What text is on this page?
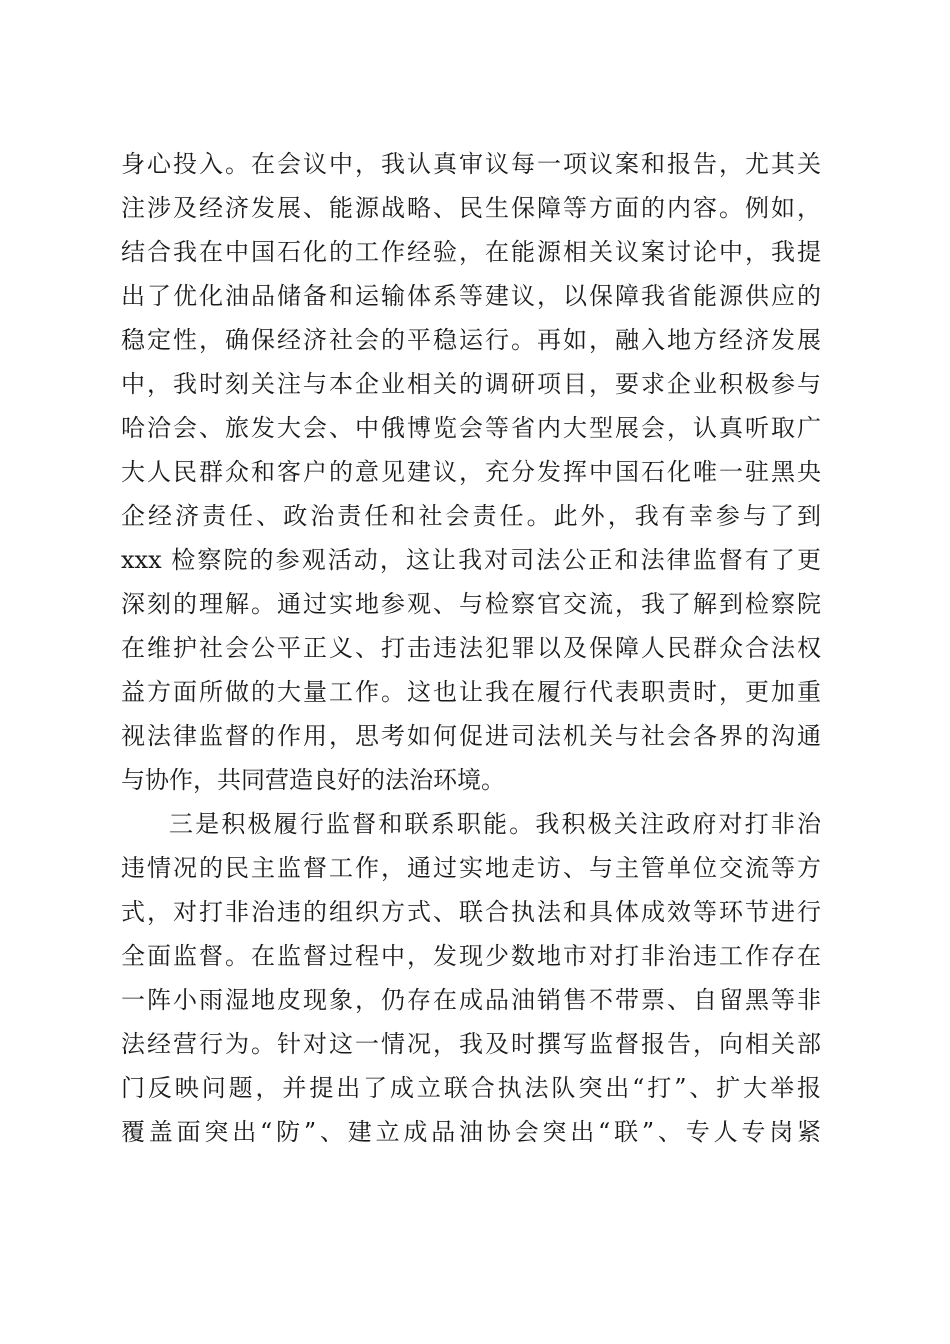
身心投入。在会议中，我认真审议每一项议案和报告，尤其关
注涉及经济发展、能源战略、民生保障等方面的内容。例如，
结合我在中国石化的工作经验，在能源相关议案讨论中，我提
出了优化油品储备和运输体系等建议，以保障我省能源供应的
稳定性，确保经济社会的平稳运行。再如，融入地方经济发展
中，我时刻关注与本企业相关的调研项目，要求企业积极参与
哈洽会、旅发大会、中俄博览会等省内大型展会，认真听取广
大人民群众和客户的意见建议，充分发挥中国石化唯一驻黑央
企经济责任、政治责任和社会责任。此外，我有幸参与了到
xxx 检察院的参观活动，这让我对司法公正和法律监督有了更
深刻的理解。通过实地参观、与检察官交流，我了解到检察院
在维护社会公平正义、打击违法犯罪以及保障人民群众合法权
益方面所做的大量工作。这也让我在履行代表职责时，更加重
视法律监督的作用，思考如何促进司法机关与社会各界的沟通
与协作，共同营造良好的法治环境。
三是积极履行监督和联系职能。我积极关注政府对打非治
违情况的民主监督工作，通过实地走访、与主管单位交流等方
式，对打非治违的组织方式、联合执法和具体成效等环节进行
全面监督。在监督过程中，发现少数地市对打非治违工作存在
一阵小雨湿地皮现象，仍存在成品油销售不带票、自留黑等非
法经营行为。针对这一情况，我及时撰写监督报告，向相关部
门反映问题，并提出了成立联合执法队突出“打”、扩大举报
覆盖面突出“防”、建立成品油协会突出“联”、专人专岗紧
